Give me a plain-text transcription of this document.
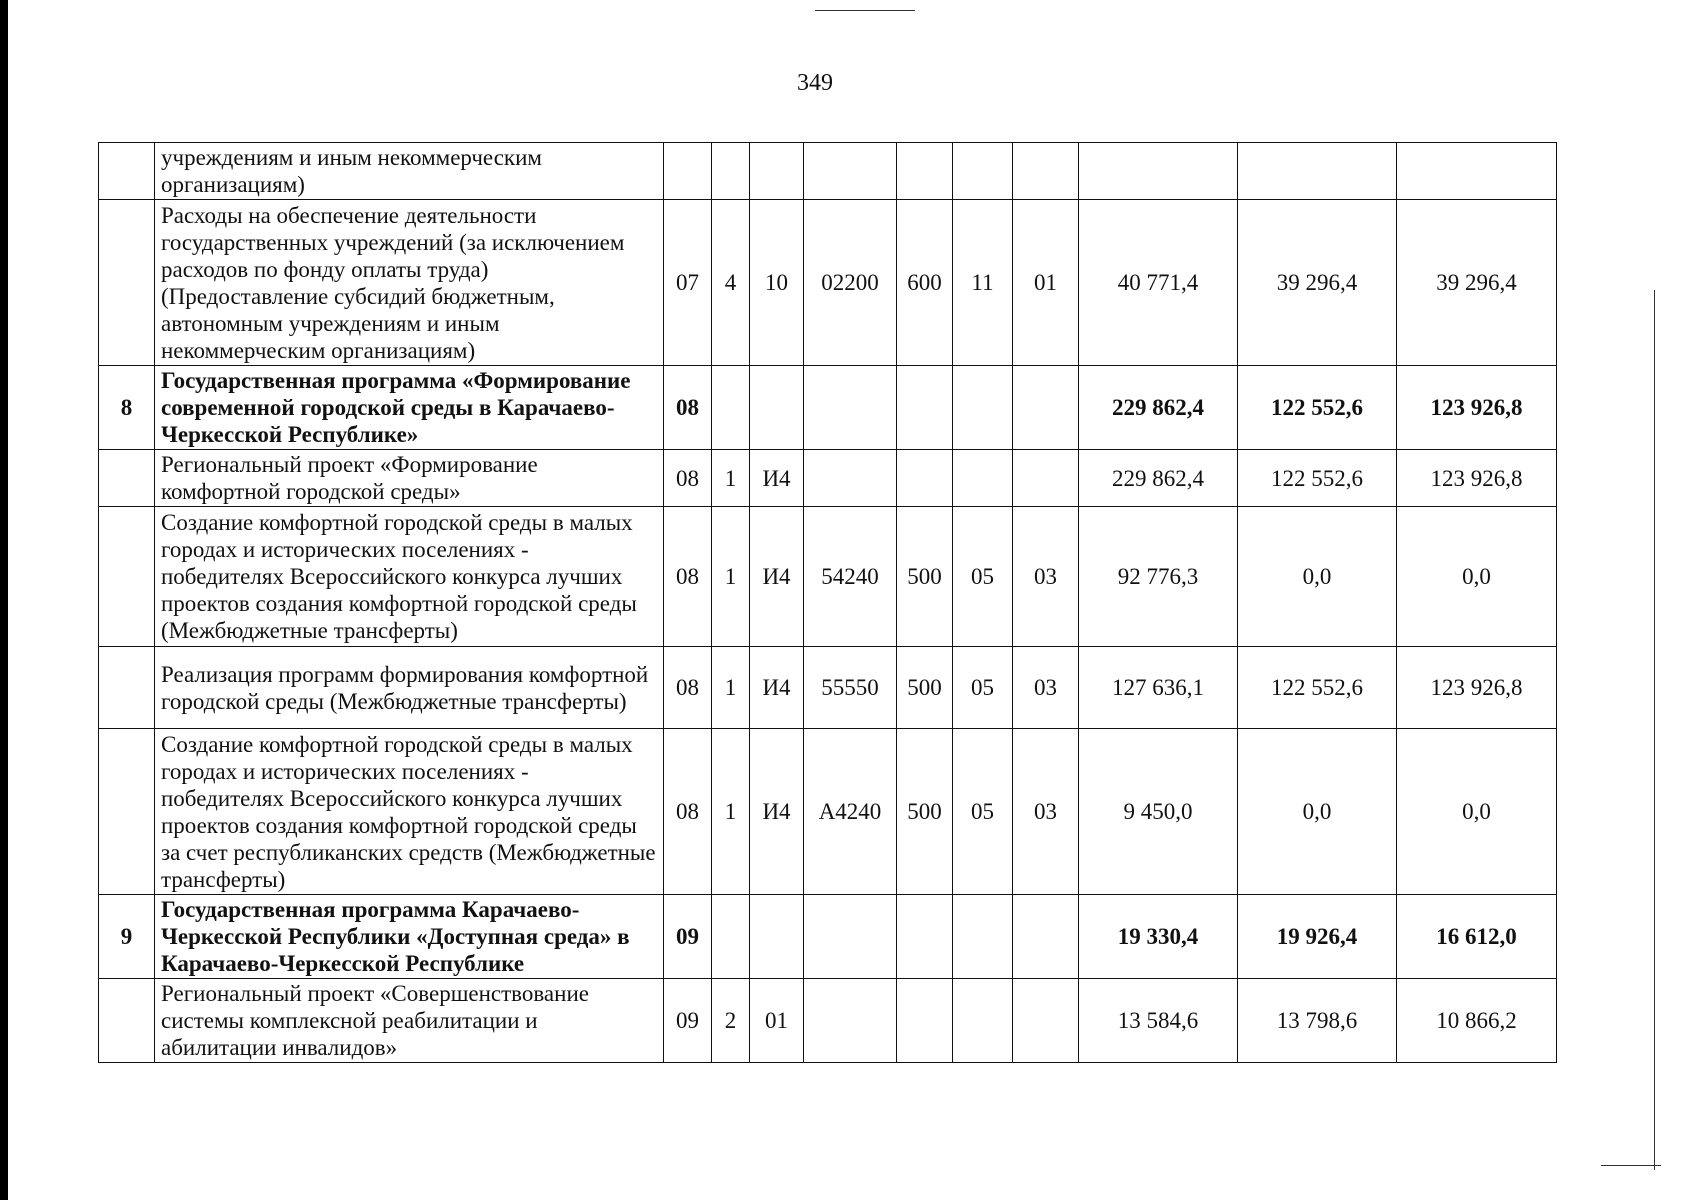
349
	учреждениям и иным некоммерческим организациям)										
	Расходы на обеспечение деятельности государственных учреждений (за исключением расходов по фонду оплаты труда) (Предоставление субсидий бюджетным, автономным учреждениям и иным некоммерческим организациям)	07	4	10	02200	600	11	01	40 771,4	39 296,4	39 296,4
8	Государственная программа «Формирование современной городской среды в Карачаево-Черкесской Республике»	08							229 862,4	122 552,6	123 926,8
	Региональный проект «Формирование комфортной городской среды»	08	1	И4					229 862,4	122 552,6	123 926,8
	Создание комфортной городской среды в малых городах и исторических поселениях - победителях Всероссийского конкурса лучших проектов создания комфортной городской среды (Межбюджетные трансферты)	08	1	И4	54240	500	05	03	92 776,3	0,0	0,0
	Реализация программ формирования комфортной городской среды (Межбюджетные трансферты)	08	1	И4	55550	500	05	03	127 636,1	122 552,6	123 926,8
	Создание комфортной городской среды в малых городах и исторических поселениях - победителях Всероссийского конкурса лучших проектов создания комфортной городской среды за счет республиканских средств (Межбюджетные трансферты)	08	1	И4	А4240	500	05	03	9 450,0	0,0	0,0
9	Государственная программа Карачаево-Черкесской Республики «Доступная среда» в Карачаево-Черкесской Республике	09							19 330,4	19 926,4	16 612,0
	Региональный проект «Совершенствование системы комплексной реабилитации и абилитации инвалидов»	09	2	01					13 584,6	13 798,6	10 866,2
